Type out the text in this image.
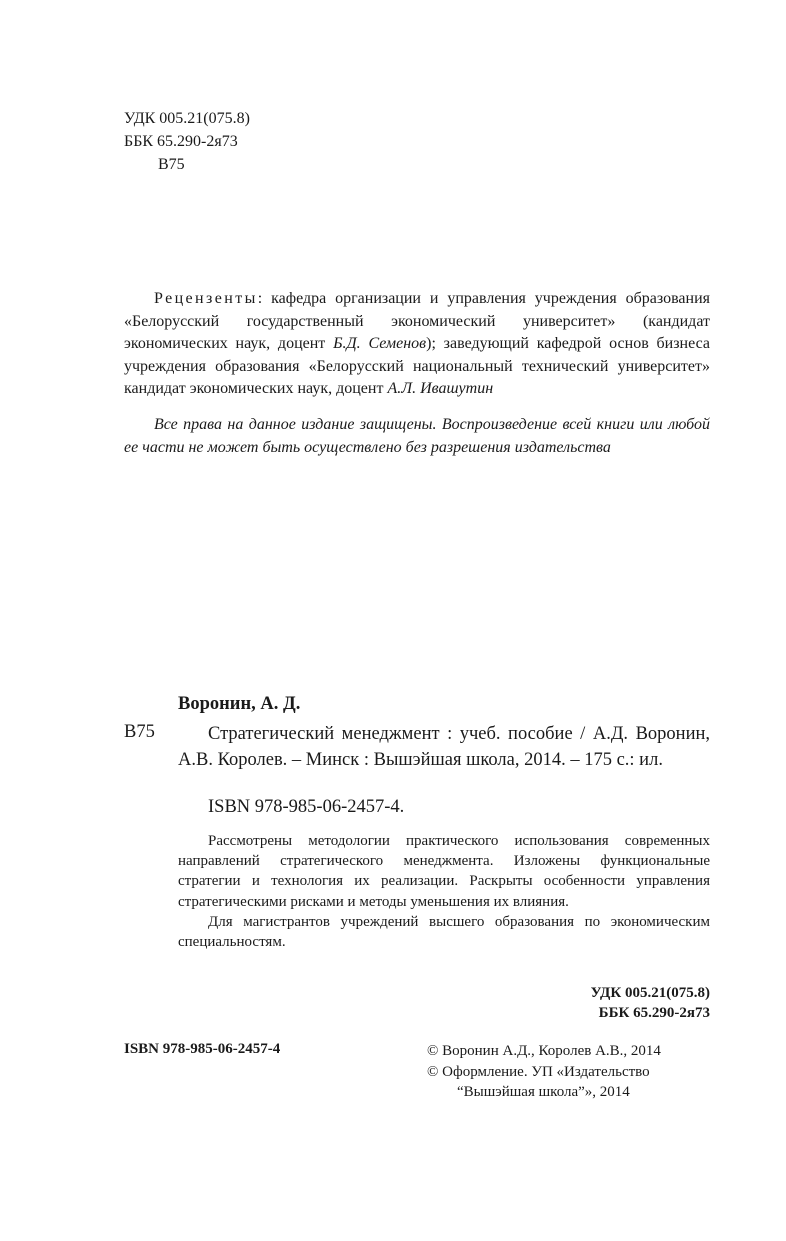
УДК 005.21(075.8)
ББК 65.290-2я73
В75

Рецензенты: кафедра организации и управления учреждения образования «Белорусский государственный экономический университет» (кандидат экономических наук, доцент Б.Д. Семенов); заведующий кафедрой основ бизнеса учреждения образования «Белорусский национальный технический университет» кандидат экономических наук, доцент А.Л. Ивашутин

Все права на данное издание защищены. Воспроизведение всей книги или любой ее части не может быть осуществлено без разрешения издательства

Воронин, А. Д.
В75	Стратегический менеджмент : учеб. пособие / А.Д. Воронин, А.В. Королев. – Минск : Вышэйшая школа, 2014. – 175 с.: ил.

ISBN 978-985-06-2457-4.

Рассмотрены методологии практического использования современных направлений стратегического менеджмента. Изложены функциональные стратегии и технология их реализации. Раскрыты особенности управления стратегическими рисками и методы уменьшения их влияния.

Для магистрантов учреждений высшего образования по экономическим специальностям.

УДК 005.21(075.8)
ББК 65.290-2я73
ISBN 978-985-06-2457-4	© Воронин А.Д., Королев А.В., 2014
© Оформление. УП «Издательство
“Вышэйшая школа”», 2014
